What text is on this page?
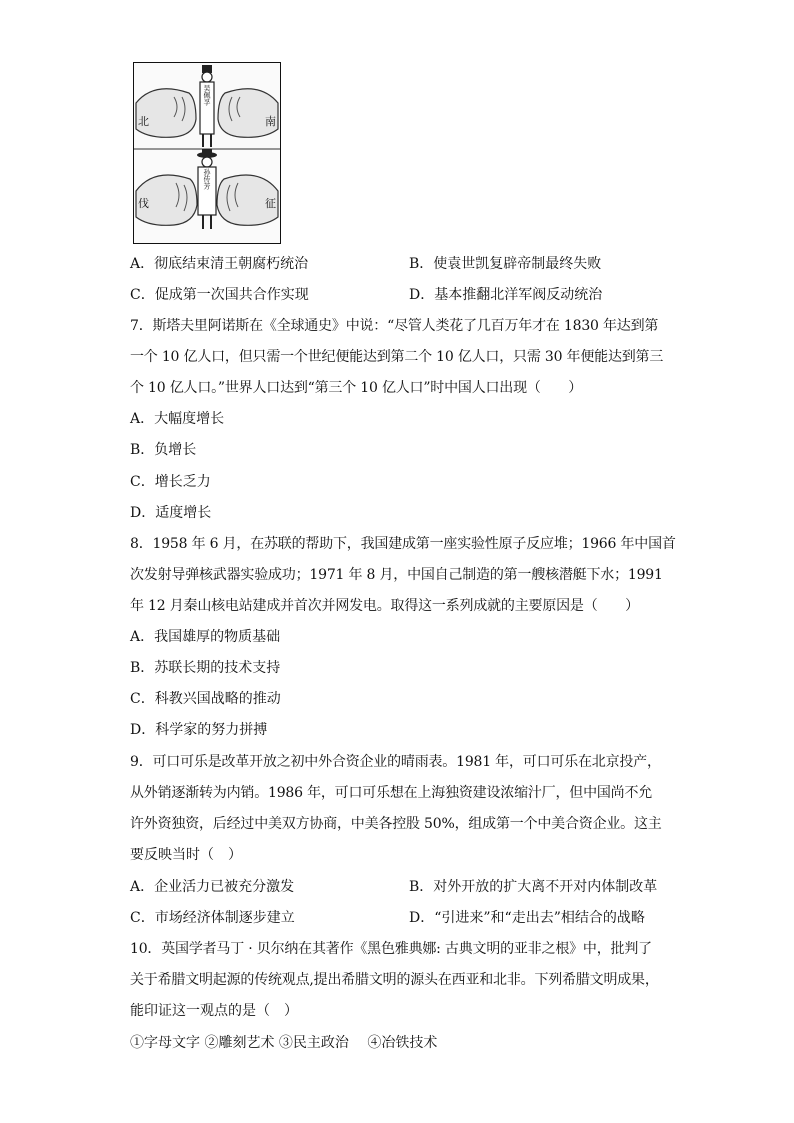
北	南
伐	征
吴佩孚
孙传芳
A．彻底结束清王朝腐朽统治	B．使袁世凯复辟帝制最终失败
C．促成第一次国共合作实现	D．基本推翻北洋军阀反动统治
7．斯塔夫里阿诺斯在《全球通史》中说：“尽管人类花了几百万年才在 1830 年达到第
一个 10 亿人口，但只需一个世纪便能达到第二个 10 亿人口，只需 30 年便能达到第三
个 10 亿人口。”世界人口达到“第三个 10 亿人口”时中国人口出现（　　）
A．大幅度增长
B．负增长
C．增长乏力
D．适度增长
8．1958 年 6 月，在苏联的帮助下，我国建成第一座实验性原子反应堆；1966 年中国首
次发射导弹核武器实验成功；1971 年 8 月，中国自己制造的第一艘核潜艇下水；1991
年 12 月秦山核电站建成并首次并网发电。取得这一系列成就的主要原因是（　　）
A．我国雄厚的物质基础
B．苏联长期的技术支持
C．科教兴国战略的推动
D．科学家的努力拼搏
9．可口可乐是改革开放之初中外合资企业的晴雨表。1981 年，可口可乐在北京投产，
从外销逐渐转为内销。1986 年，可口可乐想在上海独资建设浓缩汁厂，但中国尚不允
许外资独资，后经过中美双方协商，中美各控股 50%，组成第一个中美合资企业。这主
要反映当时（　）
A．企业活力已被充分激发	B．对外开放的扩大离不开对内体制改革
C．市场经济体制逐步建立	D．“引进来”和“走出去”相结合的战略
10．英国学者马丁 · 贝尔纳在其著作《黑色雅典娜: 古典文明的亚非之根》中，批判了
关于希腊文明起源的传统观点,提出希腊文明的源头在西亚和北非。下列希腊文明成果，
能印证这一观点的是（　）
①字母文字 ②雕刻艺术 ③民主政治　 ④冶铁技术
